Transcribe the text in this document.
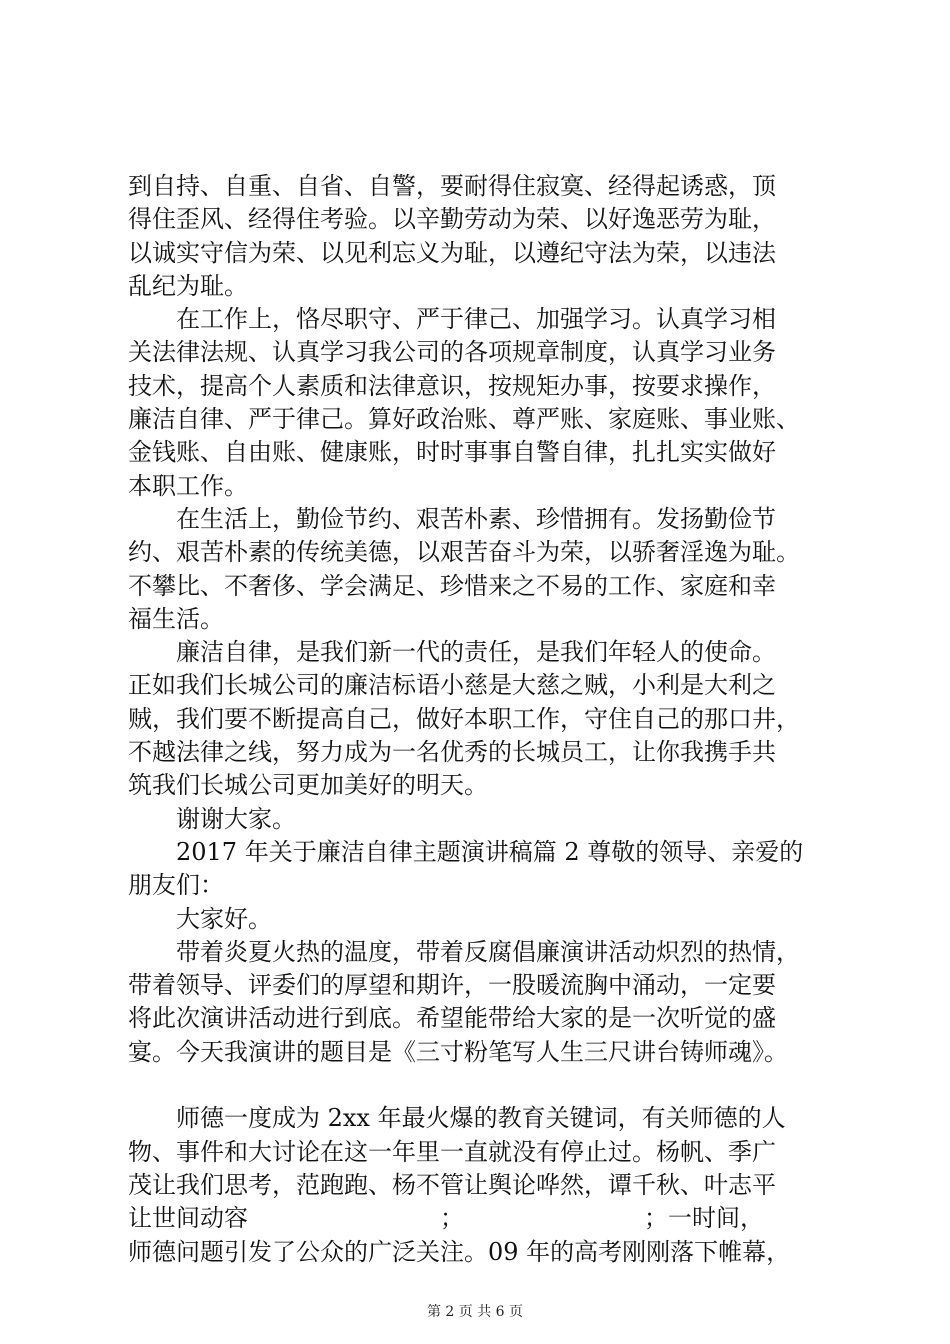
到自持、自重、自省、自警，要耐得住寂寞、经得起诱惑，顶
得住歪风、经得住考验。以辛勤劳动为荣、以好逸恶劳为耻，
以诚实守信为荣、以见利忘义为耻，以遵纪守法为荣，以违法
乱纪为耻。
　　在工作上，恪尽职守、严于律己、加强学习。认真学习相
关法律法规、认真学习我公司的各项规章制度，认真学习业务
技术，提高个人素质和法律意识，按规矩办事，按要求操作，
廉洁自律、严于律己。算好政治账、尊严账、家庭账、事业账、
金钱账、自由账、健康账，时时事事自警自律，扎扎实实做好
本职工作。
　　在生活上，勤俭节约、艰苦朴素、珍惜拥有。发扬勤俭节
约、艰苦朴素的传统美德，以艰苦奋斗为荣，以骄奢淫逸为耻。
不攀比、不奢侈、学会满足、珍惜来之不易的工作、家庭和幸
福生活。
　　廉洁自律，是我们新一代的责任，是我们年轻人的使命。
正如我们长城公司的廉洁标语小慈是大慈之贼，小利是大利之
贼，我们要不断提高自己，做好本职工作，守住自己的那口井，
不越法律之线，努力成为一名优秀的长城员工，让你我携手共
筑我们长城公司更加美好的明天。
　　谢谢大家。
　　2017 年关于廉洁自律主题演讲稿篇 2 尊敬的领导、亲爱的
朋友们：
　　大家好。
　　带着炎夏火热的温度，带着反腐倡廉演讲活动炽烈的热情，
带着领导、评委们的厚望和期许，一股暖流胸中涌动，一定要
将此次演讲活动进行到底。希望能带给大家的是一次听觉的盛
宴。今天我演讲的题目是《三寸粉笔写人生三尺讲台铸师魂》。
　　师德一度成为 2xx 年最火爆的教育关键词，有关师德的人
物、事件和大讨论在这一年里一直就没有停止过。杨帆、季广
茂让我们思考，范跑跑、杨不管让舆论哗然，谭千秋、叶志平
让世间动容　　　　　　　　；　　　　　　　　；一时间，
师德问题引发了公众的广泛关注。09 年的高考刚刚落下帷幕，
第 2 页 共 6 页
